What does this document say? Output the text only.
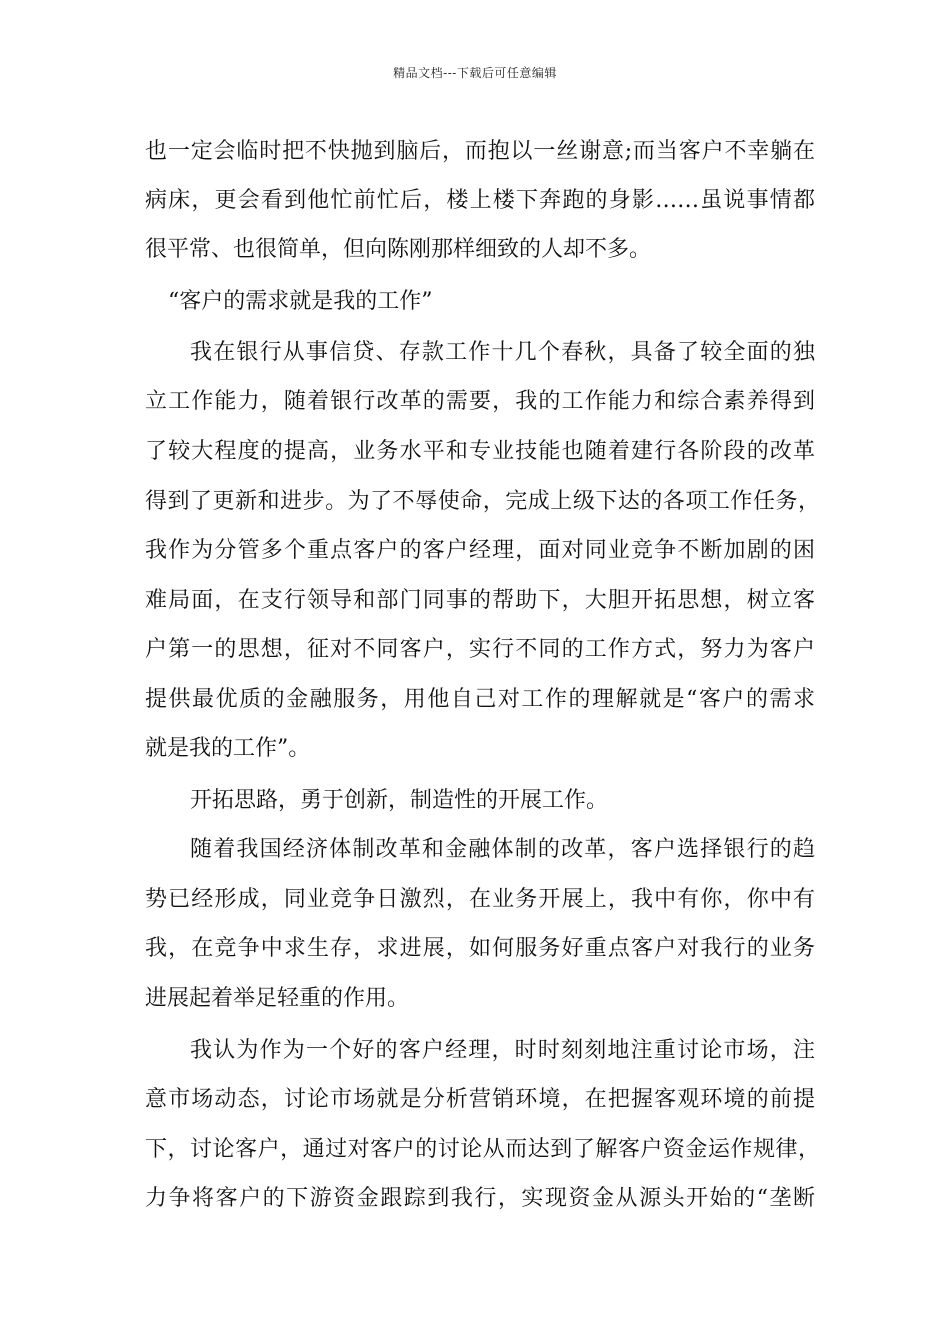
精品文档---下载后可任意编辑
也一定会临时把不快抛到脑后，而抱以一丝谢意;而当客户不幸躺在
病床，更会看到他忙前忙后，楼上楼下奔跑的身影……虽说事情都
很平常、也很简单，但向陈刚那样细致的人却不多。
“客户的需求就是我的工作”
我在银行从事信贷、存款工作十几个春秋，具备了较全面的独
立工作能力，随着银行改革的需要，我的工作能力和综合素养得到
了较大程度的提高，业务水平和专业技能也随着建行各阶段的改革
得到了更新和进步。为了不辱使命，完成上级下达的各项工作任务，
我作为分管多个重点客户的客户经理，面对同业竞争不断加剧的困
难局面，在支行领导和部门同事的帮助下，大胆开拓思想，树立客
户第一的思想，征对不同客户，实行不同的工作方式，努力为客户
提供最优质的金融服务，用他自己对工作的理解就是“客户的需求
就是我的工作”。
开拓思路，勇于创新，制造性的开展工作。
随着我国经济体制改革和金融体制的改革，客户选择银行的趋
势已经形成，同业竞争日激烈，在业务开展上，我中有你，你中有
我，在竞争中求生存，求进展，如何服务好重点客户对我行的业务
进展起着举足轻重的作用。
我认为作为一个好的客户经理，时时刻刻地注重讨论市场，注
意市场动态，讨论市场就是分析营销环境，在把握客观环境的前提
下，讨论客户，通过对客户的讨论从而达到了解客户资金运作规律，
力争将客户的下游资金跟踪到我行，实现资金从源头开始的“垄断
